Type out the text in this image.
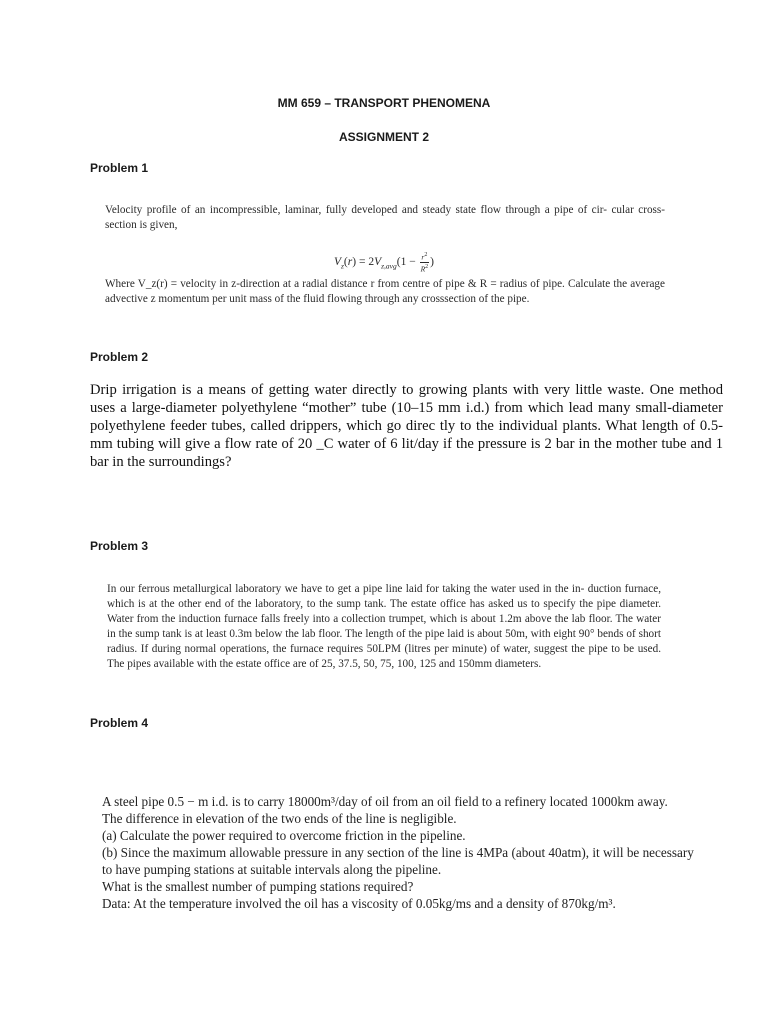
MM 659 – TRANSPORT PHENOMENA
ASSIGNMENT 2
Problem 1

Velocity profile of an incompressible, laminar, fully developed and steady state flow through a pipe of cir- cular cross-section is given,

$V_z(r) = 2V_{z,avg}(1 - \frac{r^2}{R^2}$ )

Where V_z(r) = velocity in z-direction at a radial distance r from centre of pipe & R = radius of pipe. Calculate the average advective z momentum per unit mass of the fluid flowing through any crosssection of the pipe.

Problem 2

Drip irrigation is a means of getting water directly to growing plants with very little waste. One method uses a large-diameter polyethylene “mother” tube (10–15 mm i.d.) from which lead many small-diameter polyethylene feeder tubes, called drippers, which go direc tly to the individual plants. What length of 0.5-mm tubing will give a flow rate of 20 _C water of 6 lit/day if the pressure is 2 bar in the mother tube and 1 bar in the surroundings?

Problem 3

In our ferrous metallurgical laboratory we have to get a pipe line laid for taking the water used in the in- duction furnace, which is at the other end of the laboratory, to the sump tank. The estate office has asked us to specify the pipe diameter. Water from the induction furnace falls freely into a collection trumpet, which is about 1.2m above the lab floor. The water in the sump tank is at least 0.3m below the lab floor. The length of the pipe laid is about 50m, with eight 90° bends of short radius. If during normal operations, the furnace requires 50LPM (litres per minute) of water, suggest the pipe to be used. The pipes available with the estate office are of 25, 37.5, 50, 75, 100, 125 and 150mm diameters.

Problem 4

A steel pipe 0.5 − m i.d. is to carry 18000m³/day of oil from an oil field to a refinery located 1000km away.

The difference in elevation of the two ends of the line is negligible.

(a) Calculate the power required to overcome friction in the pipeline.

(b) Since the maximum allowable pressure in any section of the line is 4MPa (about 40atm), it will be necessary

to have pumping stations at suitable intervals along the pipeline.

What is the smallest number of pumping stations required?

Data: At the temperature involved the oil has a viscosity of 0.05kg/ms and a density of 870kg/m³.
